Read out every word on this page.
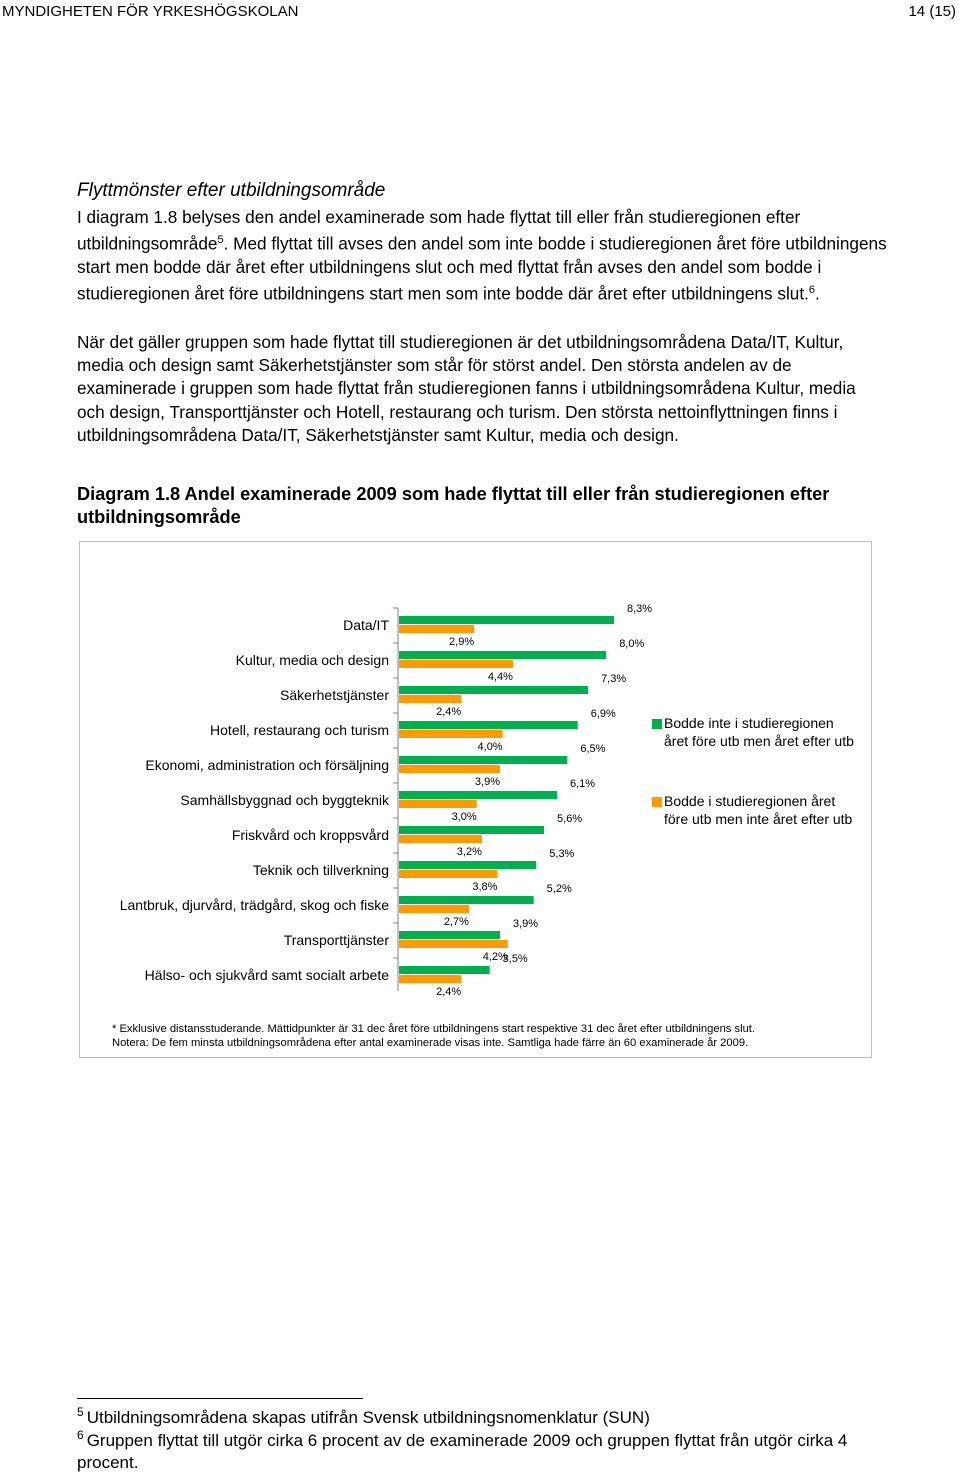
MYNDIGHETEN FÖR YRKESHÖGSKOLAN	14 (15)
Flyttmönster efter utbildningsområde

I diagram 1.8 belyses den andel examinerade som hade flyttat till eller från studieregionen efter utbildningsområde$^5$. Med flyttat till avses den andel som inte bodde i studieregionen året före utbildningens start men bodde där året efter utbildningens slut och med flyttat från avses den andel som bodde i studieregionen året före utbildningens start men som inte bodde där året efter utbildningens slut.$^6$.

När det gäller gruppen som hade flyttat till studieregionen är det utbildningsområdena Data/IT, Kultur, media och design samt Säkerhetstjänster som står för störst andel. Den största andelen av de examinerade i gruppen som hade flyttat från studieregionen fanns i utbildningsområdena Kultur, media och design, Transporttjänster och Hotell, restaurang och turism. Den största nettoinflyttningen finns i utbildningsområdena Data/IT, Säkerhetstjänster samt Kultur, media och design.

Diagram 1.8 Andel examinerade 2009 som hade flyttat till eller från studieregionen efter utbildningsområde

Data/IT
8,3%
2,9%
Kultur, media och design
8,0%
4,4%
Säkerhetstjänster
7,3%
2,4%
Hotell, restaurang och turism
6,9%
4,0%
Ekonomi, administration och försäljning
6,5%
3,9%
Samhällsbyggnad och byggteknik
6,1%
3,0%
Friskvård och kroppsvård
5,6%
3,2%
Teknik och tillverkning
5,3%
3,8%
Lantbruk, djurvård, trädgård, skog och fiske
5,2%
2,7%
Transporttjänster
3,9%
4,2%
Hälso- och sjukvård samt socialt arbete
3,5%
2,4%
Bodde inte i studieregionen
året före utb men året efter utb
Bodde i studieregionen året
före utb men inte året efter utb

* Exklusive distansstuderande. Mättidpunkter är 31 dec året före utbildningens start respektive 31 dec året efter utbildningens slut.

Notera: De fem minsta utbildningsområdena efter antal examinerade visas inte. Samtliga hade färre än 60 examinerade år 2009.

$^5$ Utbildningsområdena skapas utifrån Svensk utbildningsnomenklatur (SUN)

$^6$ Gruppen flyttat till utgör cirka 6 procent av de examinerade 2009 och gruppen flyttat från utgör cirka 4 procent.
